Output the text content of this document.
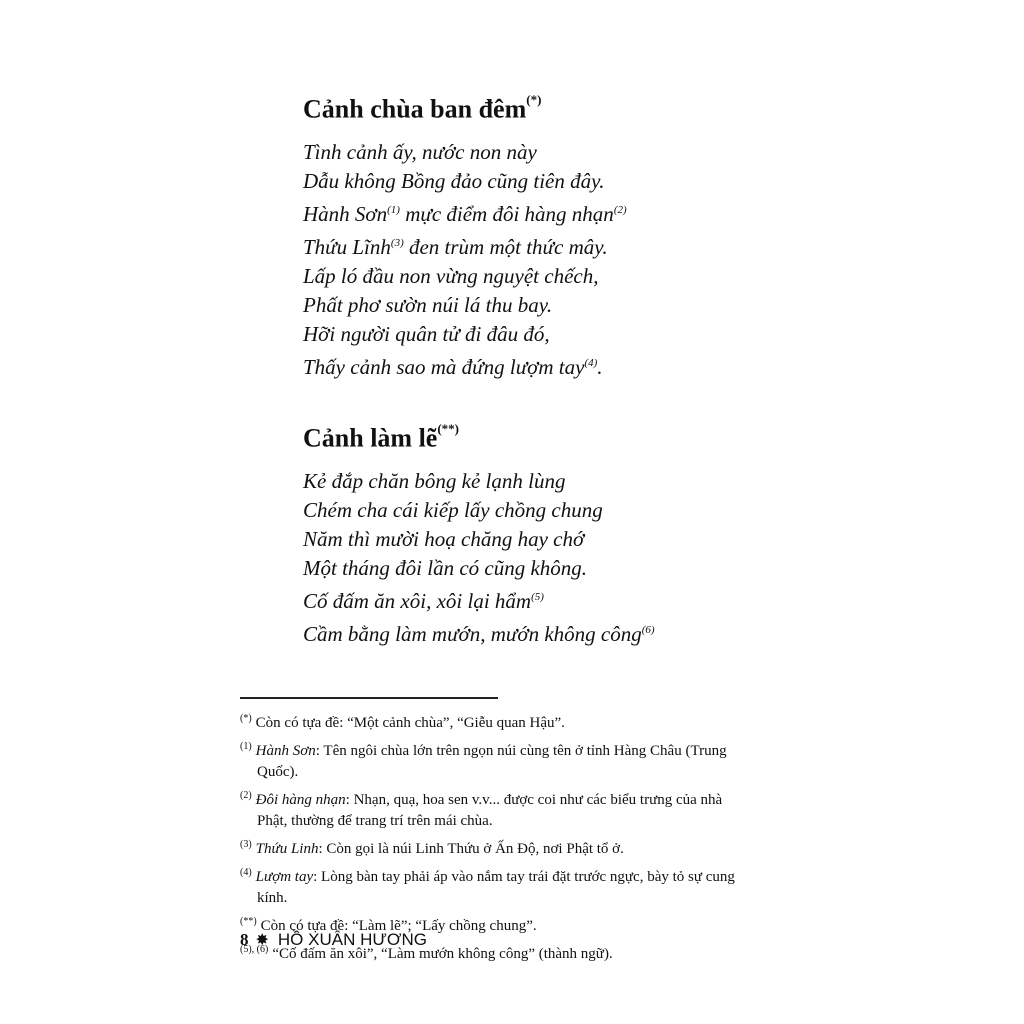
Cảnh chùa ban đêm(*)
Tình cảnh ấy, nước non này
Dẫu không Bồng đảo cũng tiên đây.
Hành Sơn$^{(1)}$ mực điểm đôi hàng nhạn$^{(2)}$
Thứu Lĩnh$^{(3)}$ đen trùm một thức mây.
Lấp ló đầu non vừng nguyệt chếch,
Phất phơ sườn núi lá thu bay.
Hỡi người quân tử đi đâu đó,
Thấy cảnh sao mà đứng lượm tay$^{(4)}$.
Cảnh làm lẽ(**)
Kẻ đắp chăn bông kẻ lạnh lùng
Chém cha cái kiếp lấy chồng chung
Năm thì mười hoạ chăng hay chớ
Một tháng đôi lần có cũng không.
Cố đấm ăn xôi, xôi lại hẩm$^{(5)}$
Cầm bằng làm mướn, mướn không công$^{(6)}$

(*) Còn có tựa đề: “Một cảnh chùa”, “Giễu quan Hậu”.

$^{(1)}$ Hành Sơn: Tên ngôi chùa lớn trên ngọn núi cùng tên ở tỉnh Hàng Châu (Trung Quốc).

$^{(2)}$ Đôi hàng nhạn: Nhạn, quạ, hoa sen v.v... được coi như các biểu trưng của nhà Phật, thường để trang trí trên mái chùa.

$^{(3)}$ Thứu Linh: Còn gọi là núi Linh Thứu ở Ấn Độ, nơi Phật tổ ở.

$^{(4)}$ Lượm tay: Lòng bàn tay phải áp vào nắm tay trái đặt trước ngực, bày tỏ sự cung kính.

(**) Còn có tựa đề: “Làm lẽ”; “Lấy chồng chung”.

$^{(5), (6)}$ “Cố đấm ăn xôi”, “Làm mướn không công” (thành ngữ).

8 ✸ HỒ XUÂN HƯƠNG
